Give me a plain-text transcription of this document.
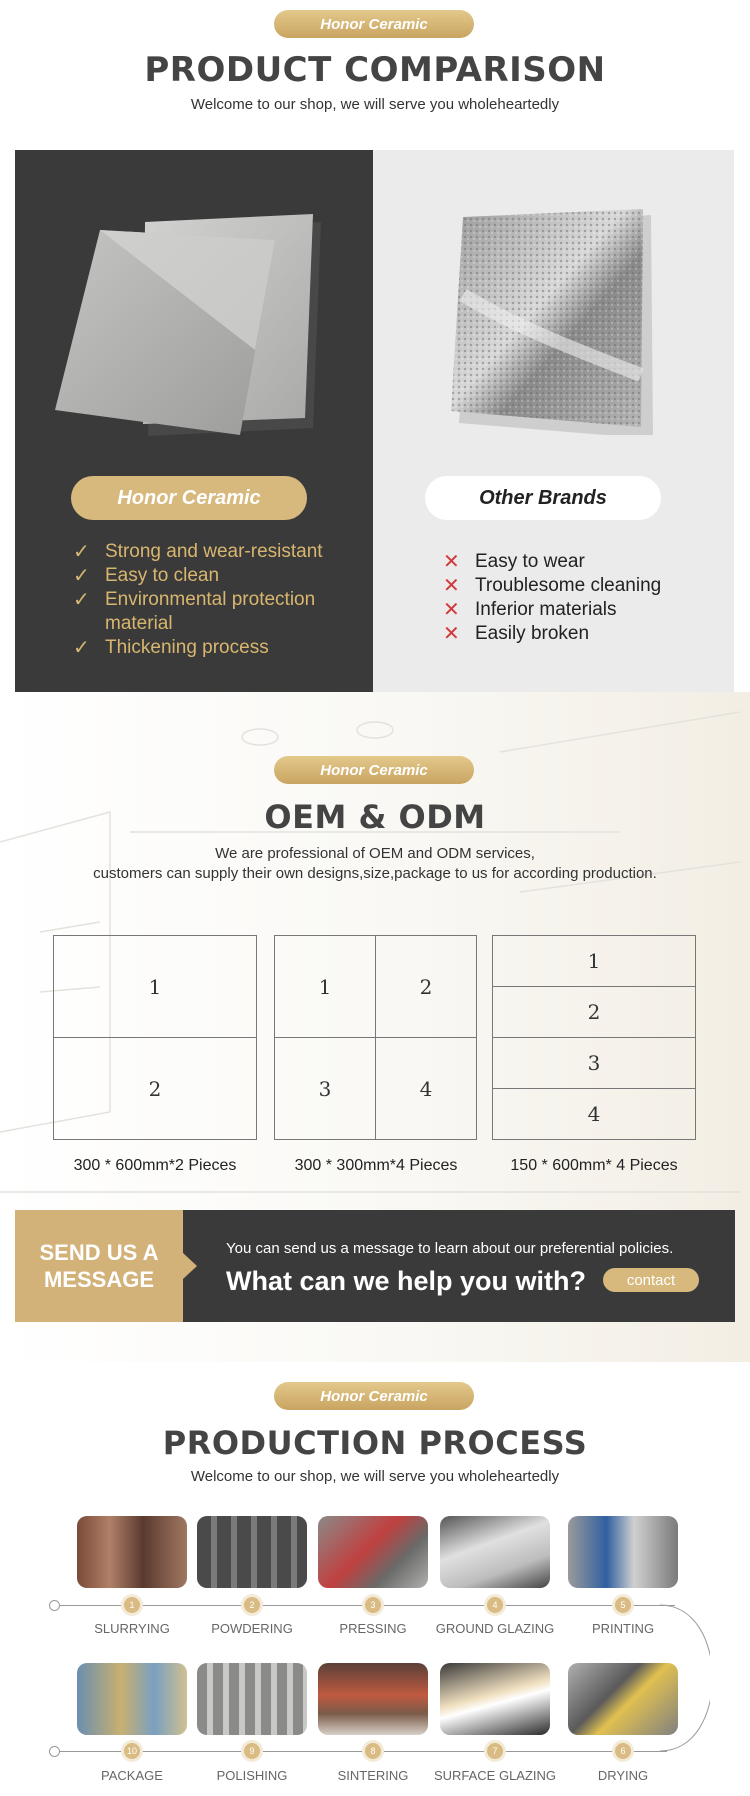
Honor Ceramic
PRODUCT COMPARISON
Welcome to our shop, we will serve you wholeheartedly
Honor Ceramic
✓ Strong and wear-resistant
✓ Easy to clean
✓ Environmental protection
material
✓ Thickening process
Other Brands
✕ Easy to wear
✕ Troublesome cleaning
✕ Inferior materials
✕ Easily broken
Honor Ceramic
OEM & ODM
We are professional of OEM and ODM services,
customers can supply their own designs,size,package to us for according production.
1
2
300 * 600mm*2 Pieces
1	2
3	4
300 * 300mm*4 Pieces
1
2
3
4
150 * 600mm* 4 Pieces
SEND US A
MESSAGE
You can send us a message to learn about our preferential policies.
What can we help you with?	contact
Honor Ceramic
PRODUCTION PROCESS
Welcome to our shop, we will serve you wholeheartedly
1	2	3	4	5
SLURRYING	POWDERING	PRESSING	GROUND GLAZING	PRINTING
10	9	8	7	6
PACKAGE	POLISHING	SINTERING	SURFACE GLAZING	DRYING
